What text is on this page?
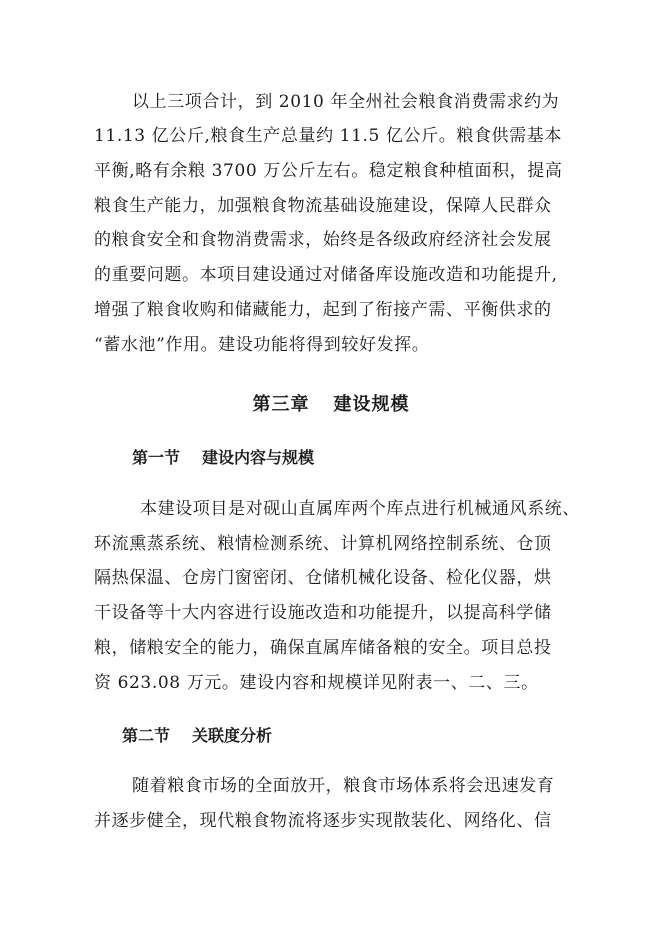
以上三项合计，到 2010 年全州社会粮食消费需求约为
11.13 亿公斤,粮食生产总量约 11.5 亿公斤。粮食供需基本
平衡,略有余粮 3700 万公斤左右。稳定粮食种植面积，提高
粮食生产能力，加强粮食物流基础设施建设，保障人民群众
的粮食安全和食物消费需求，始终是各级政府经济社会发展
的重要问题。本项目建设通过对储备库设施改造和功能提升,
增强了粮食收购和储藏能力，起到了衔接产需、平衡供求的
“蓄水池”作用。建设功能将得到较好发挥。
第三章 建设规模
第一节 建设内容与规模
本建设项目是对砚山直属库两个库点进行机械通风系统、
环流熏蒸系统、粮情检测系统、计算机网络控制系统、仓顶
隔热保温、仓房门窗密闭、仓储机械化设备、检化仪器，烘
干设备等十大内容进行设施改造和功能提升，以提高科学储
粮，储粮安全的能力，确保直属库储备粮的安全。项目总投
资 623.08 万元。建设内容和规模详见附表一、二、三。
第二节 关联度分析
随着粮食市场的全面放开，粮食市场体系将会迅速发育
并逐步健全，现代粮食物流将逐步实现散装化、网络化、信
